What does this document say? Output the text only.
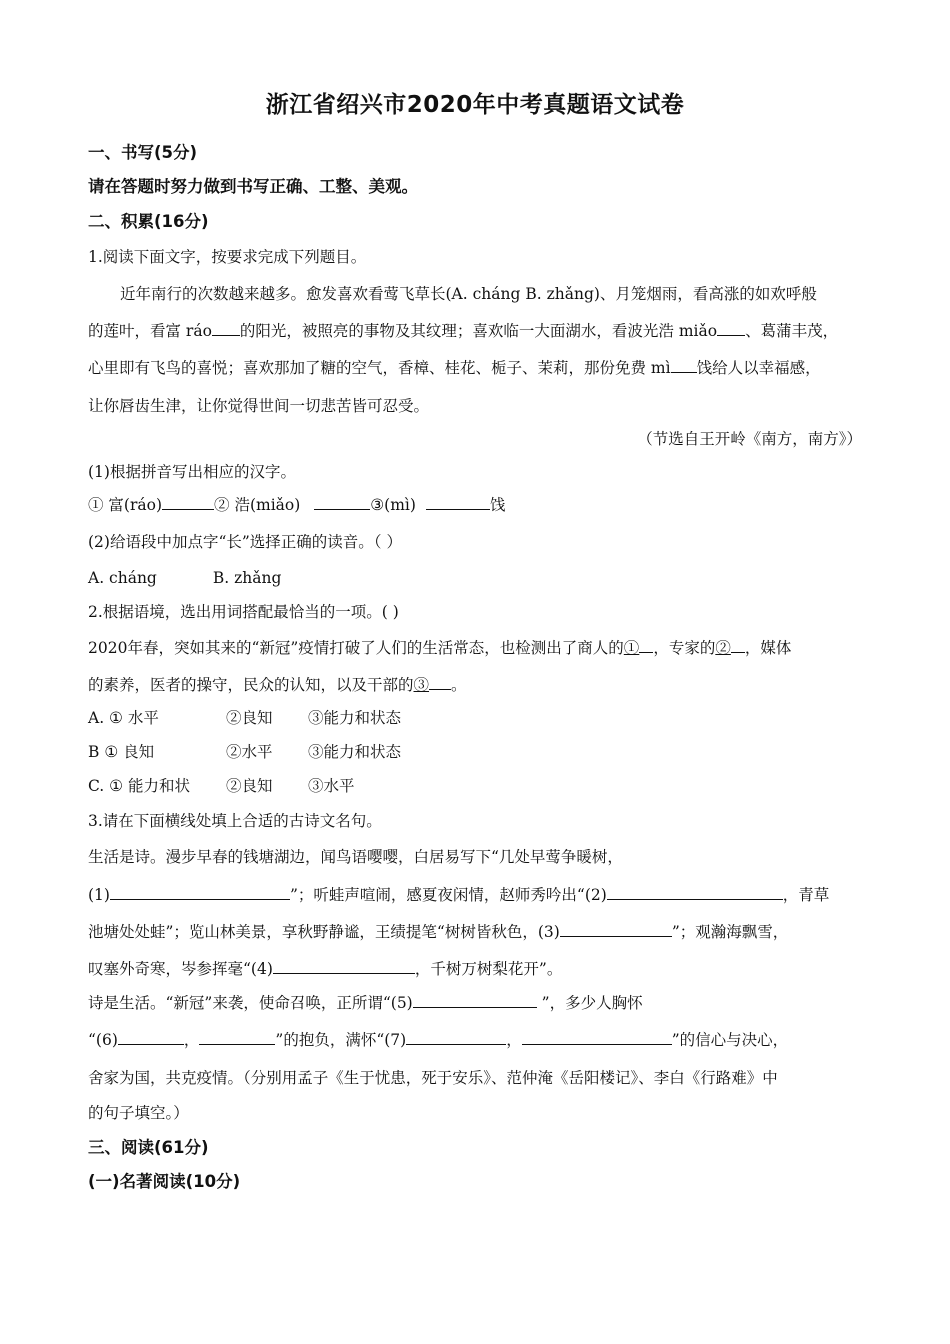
浙江省绍兴市2020年中考真题语文试卷
一、书写(5分)
请在答题时努力做到书写正确、工整、美观。
二、积累(16分)
1.阅读下面文字，按要求完成下列题目。
近年南行的次数越来越多。愈发喜欢看莺飞草长(A. cháng B. zhǎng)、月笼烟雨，看高涨的如欢呼般
的莲叶，看富 ráo 的阳光，被照亮的事物及其纹理；喜欢临一大面湖水，看波光浩 miǎo 、葛蒲丰茂，
心里即有飞鸟的喜悦；喜欢那加了糖的空气，香樟、桂花、栀子、茉莉，那份免费 mì 饯给人以幸福感，
让你唇齿生津，让你觉得世间一切悲苦皆可忍受。
（节选自王开岭《南方，南方》）
(1)根据拼音写出相应的汉字。
① 富(ráo)	② 浩(miǎo)	③(mì)	饯
(2)给语段中加点字“长”选择正确的读音。（ ）
A. cháng	B. zhǎng
2.根据语境，选出用词搭配最恰当的一项。( )
2020年春，突如其来的“新冠”疫情打破了人们的生活常态，也检测出了商人的① ，专家的② ，媒体
的素养，医者的操守，民众的认知，以及干部的③ 。
A. ① 水平	②良知 ③能力和状态
B ① 良知	②水平 ③能力和状态
C. ① 能力和状 ②良知 ③水平
3.请在下面横线处填上合适的古诗文名句。
生活是诗。漫步早春的钱塘湖边，闻鸟语嘤嘤，白居易写下“几处早莺争暖树，
(1)	”；听蛙声喧闹，感夏夜闲情，赵师秀吟出“(2)	，青草
池塘处处蛙”；览山林美景，享秋野静谧，王绩提笔“树树皆秋色，(3)	”；观瀚海飘雪，
叹塞外奇寒，岑参挥毫“(4)	，千树万树梨花开”。
诗是生活。“新冠”来袭，使命召唤，正所谓“(5)	”，多少人胸怀
“(6)	，	”的抱负，满怀“(7)	，	”的信心与决心，
舍家为国，共克疫情。（分别用孟子《生于忧患，死于安乐》、范仲淹《岳阳楼记》、李白《行路难》中
的句子填空。）
三、阅读(61分)
(一)名著阅读(10分)
